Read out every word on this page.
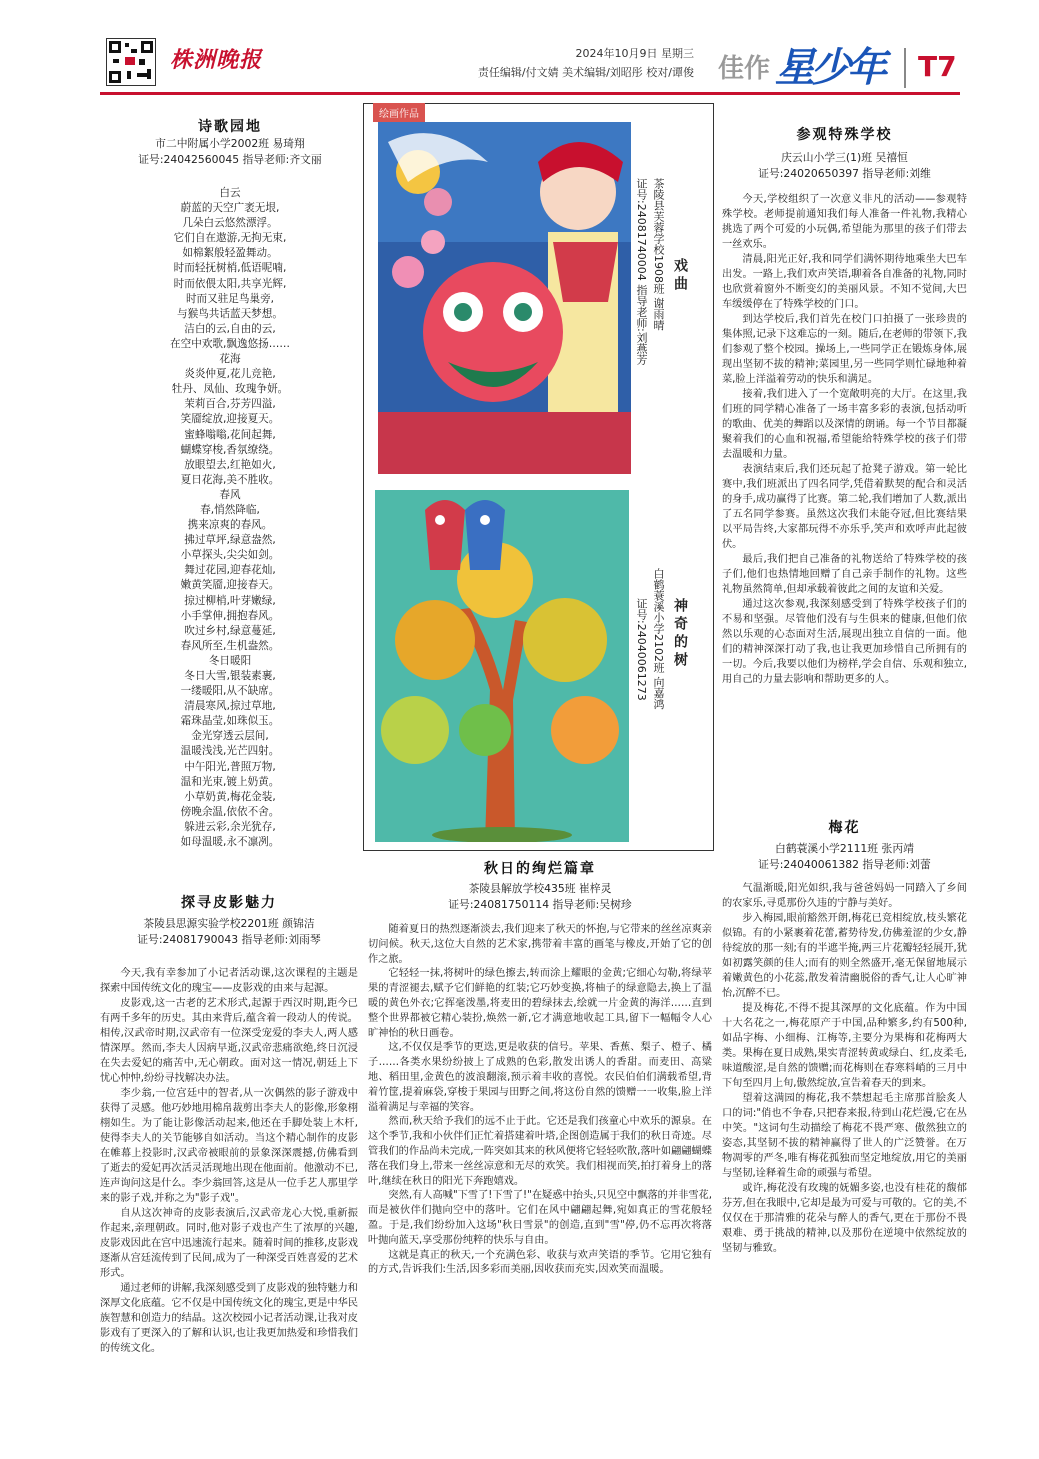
株洲晚报	2024年10月9日 星期三
责任编辑/付文婧 美术编辑/刘昭彤 校对/谭俊 佳作 星少年 T7
诗歌园地
市二中附属小学2002班 易琦翔
证号:24042560045 指导老师:齐文丽
白云
蔚蓝的天空广袤无垠,
几朵白云悠然漂浮。
它们自在遨游,无拘无束,
如棉絮般轻盈舞动。
时而轻抚树梢,低语呢喃,
时而依偎太阳,共享光辉,
时而又驻足鸟巢旁,
与猴鸟共话蓝天梦想。
洁白的云,自由的云,
在空中欢歌,飘逸悠扬……
花海
炎炎仲夏,花儿竞艳,
牡丹、凤仙、玫瑰争妍。
茉莉百合,芬芳四溢,
笑靥绽放,迎接夏天。
蜜蜂嗡嗡,花间起舞,
蝴蝶穿梭,香氛缭绕。
放眼望去,红艳如火,
夏日花海,美不胜收。
春风
春,悄然降临,
携来凉爽的春风。
拂过草坪,绿意盎然,
小草探头,尖尖如剑。
舞过花园,迎春花灿,
嫩黄笑靥,迎接春天。
掠过柳梢,叶芽嫩绿,
小手掌伸,拥抱春风。
吹过乡村,绿意蔓延,
春风所至,生机盎然。
冬日暖阳
冬日大雪,银装素裹,
一缕暖阳,从不缺席。
清晨寒风,掠过草地,
霜珠晶莹,如珠似玉。
金光穿透云层间,
温暖浅浅,光芒四射。
中午阳光,普照万物,
温和光束,镀上奶黄。
小草奶黄,梅花金装,
傍晚余温,依依不舍。
躲进云彩,余光犹存,
如母温暖,永不凛冽。
探寻皮影魅力
茶陵县思源实验学校2201班 颜锦洁
证号:24081790043 指导老师:刘雨琴

今天,我有幸参加了小记者活动课,这次课程的主题是探索中国传统文化的瑰宝——皮影戏的由来与起源。

皮影戏,这一古老的艺术形式,起源于西汉时期,距今已有两千多年的历史。其由来背后,蕴含着一段动人的传说。相传,汉武帝时期,汉武帝有一位深受宠爱的李夫人,两人感情深厚。然而,李夫人因病早逝,汉武帝悲痛欲绝,终日沉浸在失去爱妃的痛苦中,无心朝政。面对这一情况,朝廷上下忧心忡忡,纷纷寻找解决办法。

李少翁,一位宫廷中的智者,从一次偶然的影子游戏中获得了灵感。他巧妙地用棉帛裁剪出李夫人的影像,形象栩栩如生。为了能让影像活动起来,他还在手脚处装上木杆,使得李夫人的关节能够自如活动。当这个精心制作的皮影在帷幕上投影时,汉武帝被眼前的景象深深震撼,仿佛看到了逝去的爱妃再次活灵活现地出现在他面前。他激动不已,连声询问这是什么。李少翁回答,这是从一位手艺人那里学来的影子戏,并称之为"影子戏"。

自从这次神奇的皮影表演后,汉武帝龙心大悦,重新振作起来,亲理朝政。同时,他对影子戏也产生了浓厚的兴趣,皮影戏因此在宫中迅速流行起来。随着时间的推移,皮影戏逐渐从宫廷流传到了民间,成为了一种深受百姓喜爱的艺术形式。

通过老师的讲解,我深刻感受到了皮影戏的独特魅力和深厚文化底蕴。它不仅是中国传统文化的瑰宝,更是中华民族智慧和创造力的结晶。这次校园小记者活动课,让我对皮影戏有了更深入的了解和认识,也让我更加热爱和珍惜我们的传统文化。

绘画作品
戏曲
茶陵县芙蓉学校1908班 谢雨晴
证号:24081740004 指导老师:刘燕芳
神奇的树
白鹤蓑溪小学2102班 向嘉鸿
证号:24040061273
秋日的绚烂篇章
茶陵县解放学校435班 崔梓灵
证号:24081750114 指导老师:吴树珍

随着夏日的热烈逐渐淡去,我们迎来了秋天的怀抱,与它带来的丝丝凉爽亲切问候。秋天,这位大自然的艺术家,携带着丰富的画笔与橡皮,开始了它的创作之旅。

它轻轻一抹,将树叶的绿色擦去,转而涂上耀眼的金黄;它细心勾勒,将绿苹果的青涩褪去,赋予它们鲜艳的红装;它巧妙变换,将柚子的绿意隐去,换上了温暖的黄色外衣;它挥毫泼墨,将麦田的碧绿抹去,绘就一片金黄的海洋……直到整个世界都被它精心装扮,焕然一新,它才满意地收起工具,留下一幅幅令人心旷神怡的秋日画卷。

这,不仅仅是季节的更迭,更是收获的信号。苹果、香蕉、梨子、橙子、橘子……各类水果纷纷披上了成熟的色彩,散发出诱人的香甜。而麦田、高粱地、稻田里,金黄色的波浪翻滚,预示着丰收的喜悦。农民伯伯们满载希望,背着竹筐,提着麻袋,穿梭于果园与田野之间,将这份自然的馈赠一一收集,脸上洋溢着满足与幸福的笑容。

然而,秋天给予我们的远不止于此。它还是我们孩童心中欢乐的源泉。在这个季节,我和小伙伴们正忙着搭建着叶塔,企图创造属于我们的秋日奇迹。尽管我们的作品尚未完成,一阵突如其来的秋风便将它轻轻吹散,落叶如翩翩蝴蝶落在我们身上,带来一丝丝凉意和无尽的欢笑。我们相视而笑,拍打着身上的落叶,继续在秋日的阳光下奔跑嬉戏。

突然,有人高喊"下雪了!下雪了!"在疑惑中抬头,只见空中飘落的并非雪花,而是被伙伴们抛向空中的落叶。它们在风中翩翩起舞,宛如真正的雪花般轻盈。于是,我们纷纷加入这场"秋日雪景"的创造,直到"雪"停,仍不忘再次将落叶抛向蓝天,享受那份纯粹的快乐与自由。

这就是真正的秋天,一个充满色彩、收获与欢声笑语的季节。它用它独有的方式,告诉我们:生活,因多彩而美丽,因收获而充实,因欢笑而温暖。

参观特殊学校
庆云山小学三(1)班 吴禧恒
证号:24020650397 指导老师:刘维

今天,学校组织了一次意义非凡的活动——参观特殊学校。老师提前通知我们每人准备一件礼物,我精心挑选了两个可爱的小玩偶,希望能为那里的孩子们带去一丝欢乐。

清晨,阳光正好,我和同学们满怀期待地乘坐大巴车出发。一路上,我们欢声笑语,聊着各自准备的礼物,同时也欣赏着窗外不断变幻的美丽风景。不知不觉间,大巴车缓缓停在了特殊学校的门口。

到达学校后,我们首先在校门口拍摄了一张珍贵的集体照,记录下这难忘的一刻。随后,在老师的带领下,我们参观了整个校园。操场上,一些同学正在锻炼身体,展现出坚韧不拔的精神;菜园里,另一些同学则忙碌地种着菜,脸上洋溢着劳动的快乐和满足。

接着,我们进入了一个宽敞明亮的大厅。在这里,我们班的同学精心准备了一场丰富多彩的表演,包括动听的歌曲、优美的舞蹈以及深情的朗诵。每一个节目都凝聚着我们的心血和祝福,希望能给特殊学校的孩子们带去温暖和力量。

表演结束后,我们还玩起了抢凳子游戏。第一轮比赛中,我们班派出了四名同学,凭借着默契的配合和灵活的身手,成功赢得了比赛。第二轮,我们增加了人数,派出了五名同学参赛。虽然这次我们未能夺冠,但比赛结果以平局告终,大家都玩得不亦乐乎,笑声和欢呼声此起彼伏。

最后,我们把自己准备的礼物送给了特殊学校的孩子们,他们也热情地回赠了自己亲手制作的礼物。这些礼物虽然简单,但却承载着彼此之间的友谊和关爱。

通过这次参观,我深刻感受到了特殊学校孩子们的不易和坚强。尽管他们没有与生俱来的健康,但他们依然以乐观的心态面对生活,展现出独立自信的一面。他们的精神深深打动了我,也让我更加珍惜自己所拥有的一切。今后,我要以他们为榜样,学会自信、乐观和独立,用自己的力量去影响和帮助更多的人。

梅花
白鹤蓑溪小学2111班 张丙靖
证号:24040061382 指导老师:刘蕾

气温渐暖,阳光如织,我与爸爸妈妈一同踏入了乡间的农家乐,寻觅那份久违的宁静与美好。

步入梅园,眼前豁然开朗,梅花已竞相绽放,枝头繁花似锦。有的小紧裹着花蕾,蓄势待发,仿佛羞涩的少女,静待绽放的那一刻;有的半遮半掩,两三片花瓣轻轻展开,犹如初露笑颜的佳人;而有的则全然盛开,毫无保留地展示着嫩黄色的小花蕊,散发着清幽脱俗的香气,让人心旷神怡,沉醉不已。

提及梅花,不得不提其深厚的文化底蕴。作为中国十大名花之一,梅花原产于中国,品种繁多,约有500种,如品字梅、小细梅、江梅等,主要分为果梅和花梅两大类。果梅在夏日成熟,果实青涩转黄或绿白、红,皮柔毛,味道酸涩,是自然的馈赠;而花梅则在春寒料峭的三月中下旬至四月上旬,傲然绽放,宣告着春天的到来。

望着这满园的梅花,我不禁想起毛主席那首脍炙人口的词:"俏也不争春,只把春来报,待到山花烂漫,它在丛中笑。"这词句生动描绘了梅花不畏严寒、傲然独立的姿态,其坚韧不拔的精神赢得了世人的广泛赞誉。在万物凋零的严冬,唯有梅花孤独而坚定地绽放,用它的美丽与坚韧,诠释着生命的顽强与希望。

或许,梅花没有玫瑰的妩媚多姿,也没有桂花的馥郁芬芳,但在我眼中,它却是最为可爱与可敬的。它的美,不仅仅在于那清雅的花朵与醉人的香气,更在于那份不畏艰难、勇于挑战的精神,以及那份在逆境中依然绽放的坚韧与雅致。
